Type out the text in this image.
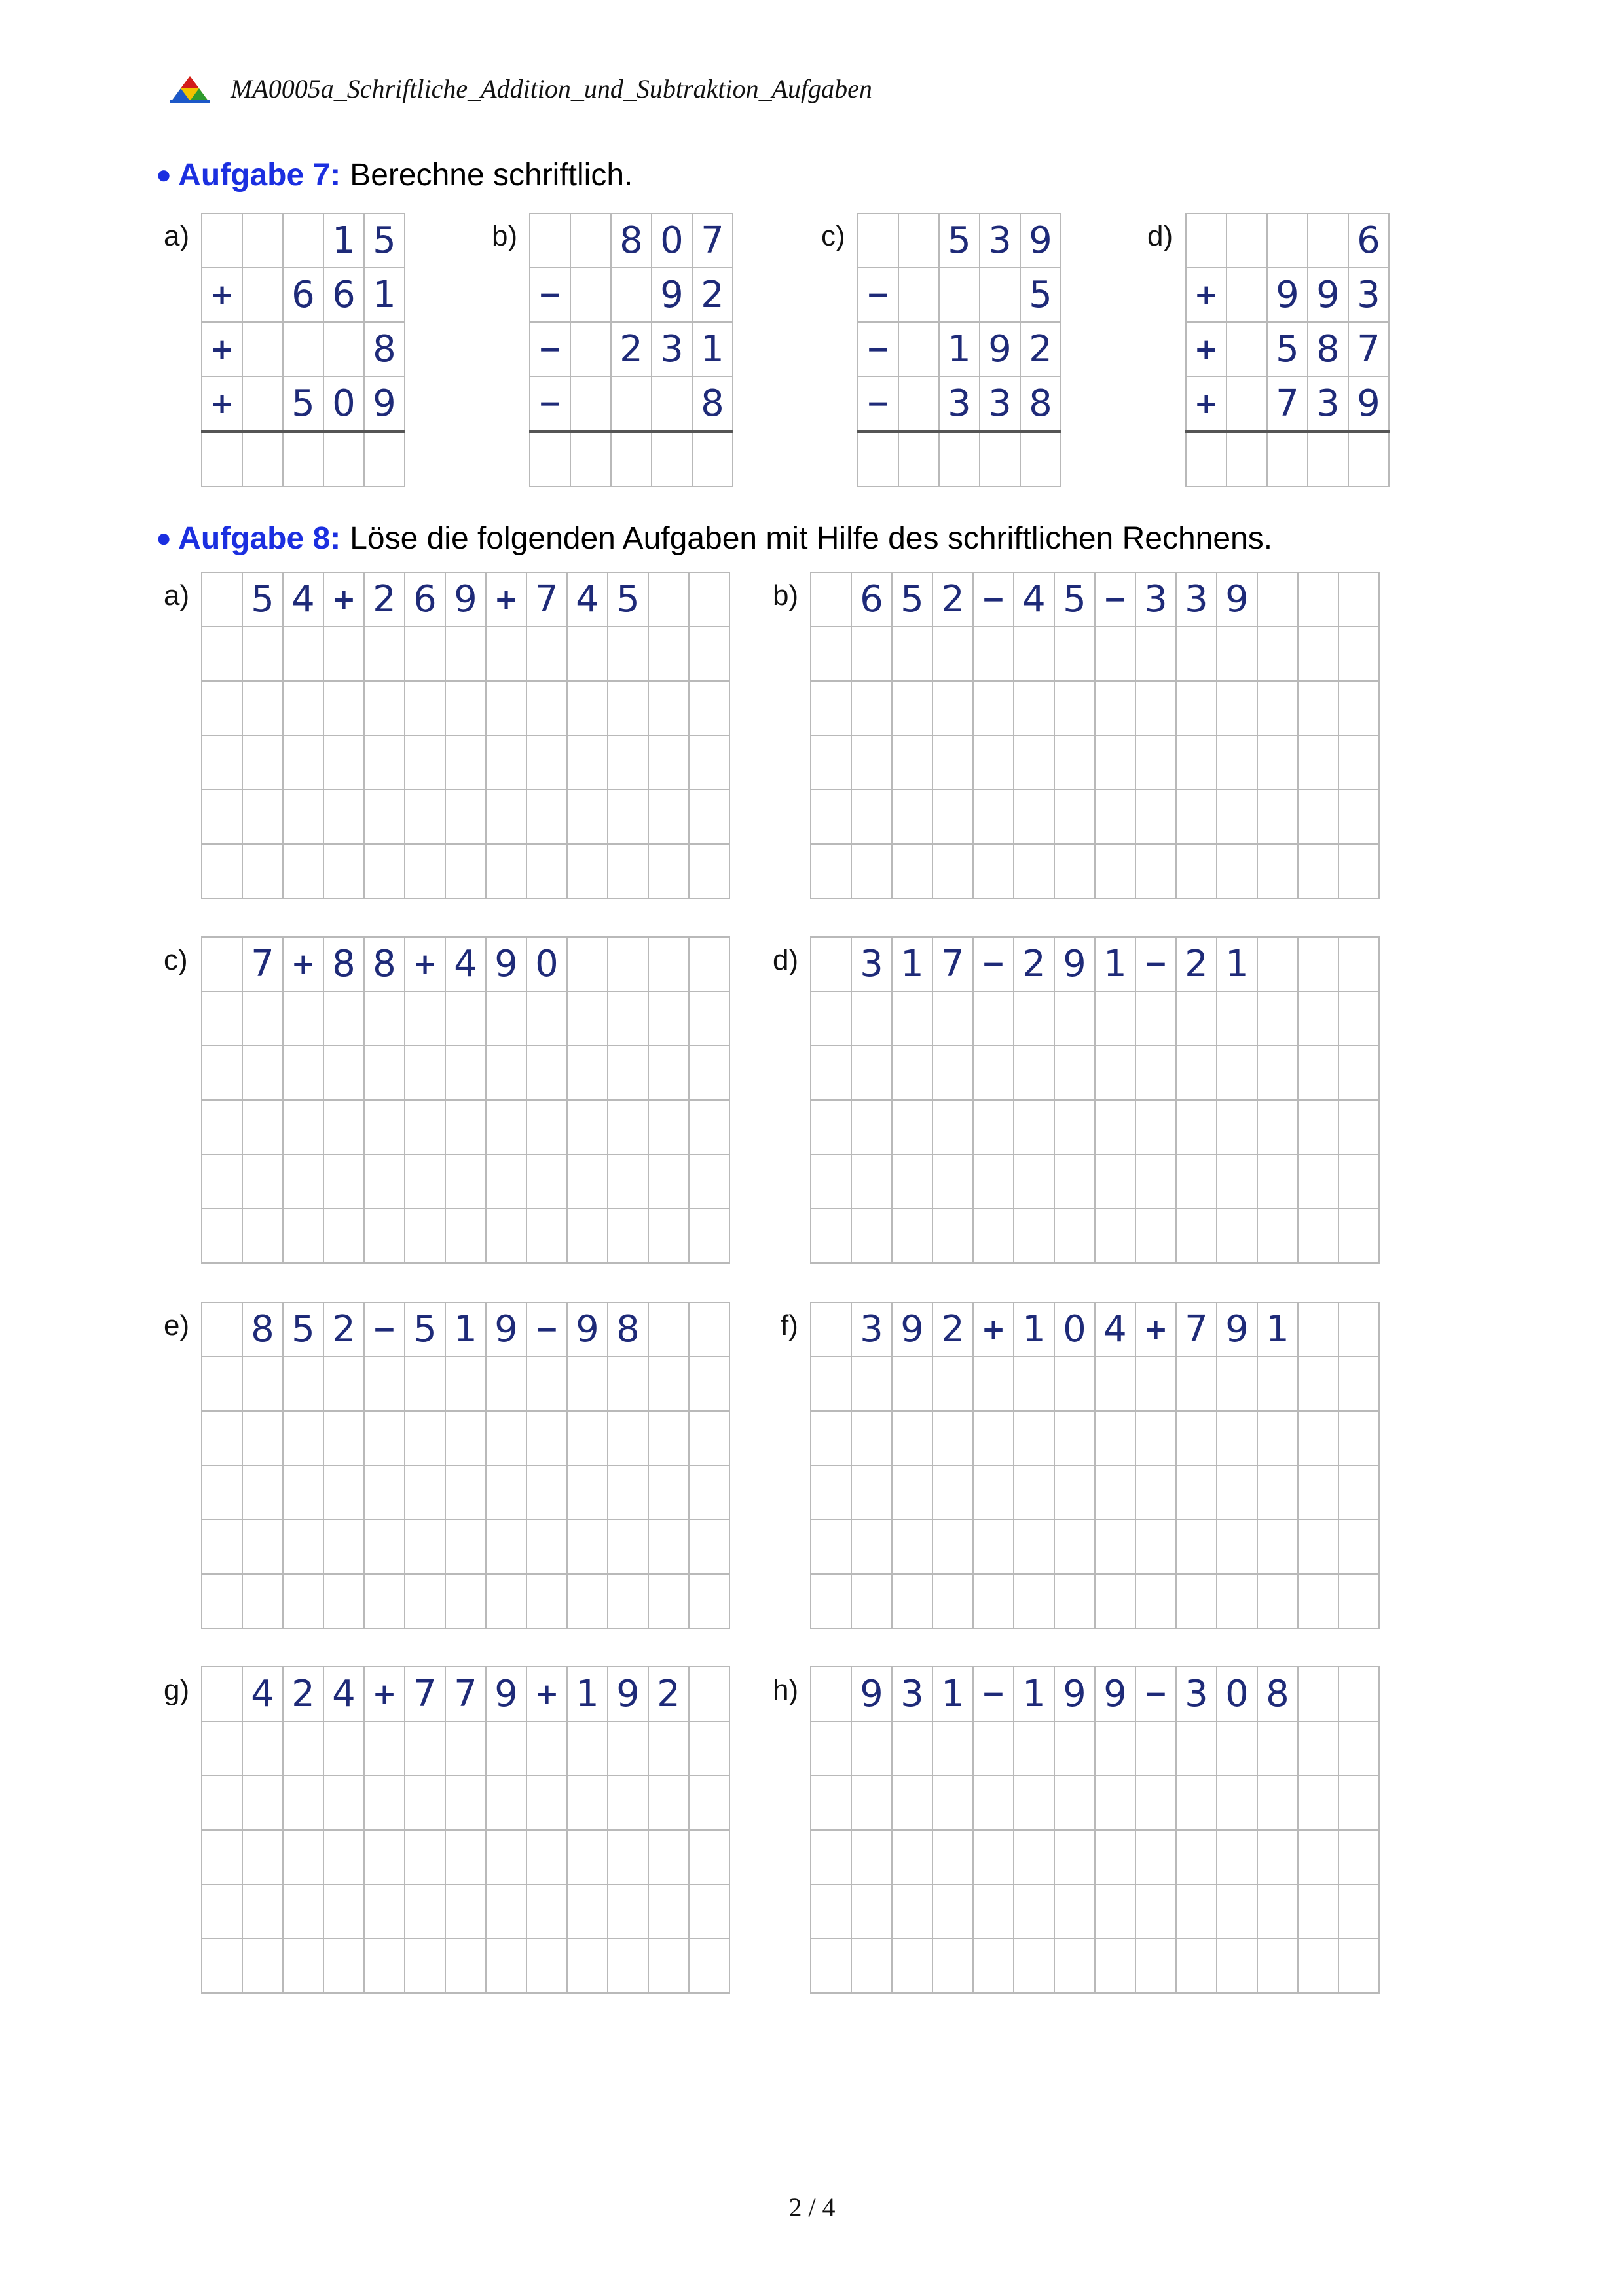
MA0005a_Schriftliche_Addition_und_Subtraktion_Aufgaben
● Aufgabe 7: Berechne schriftlich.
a)
				1	5
+		6	6	1
+				8
+		5	0	9

b)
			8	0	7
−			9	2
−		2	3	1
−				8

c)
			5	3	9
−				5
−		1	9	2
−		3	3	8

d)
					6
+		9	9	3
+		5	8	7
+		7	3	9

● Aufgabe 8: Löse die folgenden Aufgaben mit Hilfe des schriftlichen Rechnens.
a)
	5	4	+	2	6	9	+	7	4	5		

													b)
	6	5	2	−	4	5	−	3	3	9			

c)
	7	+	8	8	+	4	9	0				

													d)
	3	1	7	−	2	9	1	−	2	1			

e)
	8	5	2	−	5	1	9	−	9	8		

													f)
	3	9	2	+	1	0	4	+	7	9	1		

g)
	4	2	4	+	7	7	9	+	1	9	2	

													h)
	9	3	1	−	1	9	9	−	3	0	8		

2 / 4
